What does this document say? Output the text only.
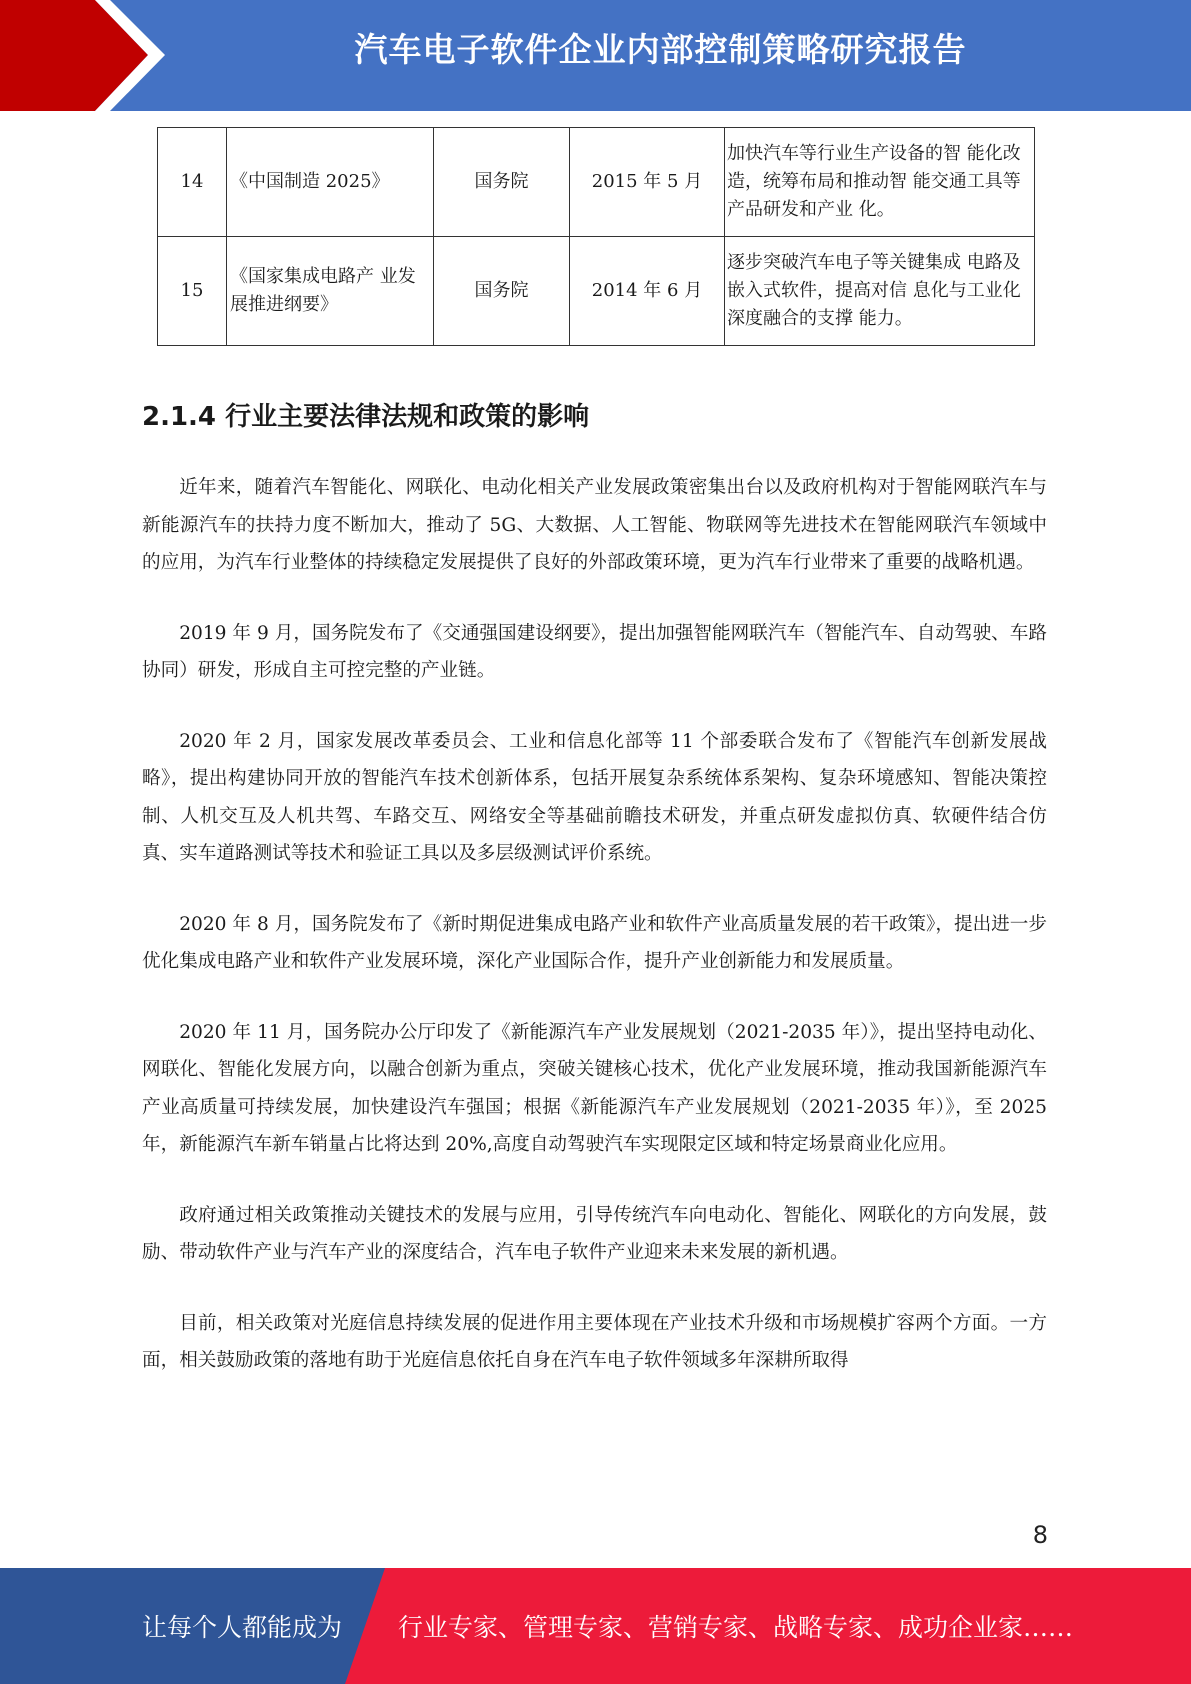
汽车电子软件企业内部控制策略研究报告
14	《中国制造 2025》	国务院	2015 年 5 月	加快汽车等行业生产设备的智 能化改造，统筹布局和推动智 能交通工具等产品研发和产业 化。
15	《国家集成电路产 业发展推进纲要》	国务院	2014 年 6 月	逐步突破汽车电子等关键集成 电路及嵌入式软件，提高对信 息化与工业化深度融合的支撑 能力。
2.1.4 行业主要法律法规和政策的影响

近年来，随着汽车智能化、网联化、电动化相关产业发展政策密集出台以及政府机构对于智能网联汽车与新能源汽车的扶持力度不断加大，推动了 5G、大数据、人工智能、物联网等先进技术在智能网联汽车领域中的应用，为汽车行业整体的持续稳定发展提供了良好的外部政策环境，更为汽车行业带来了重要的战略机遇。

2019 年 9 月，国务院发布了《交通强国建设纲要》，提出加强智能网联汽车（智能汽车、自动驾驶、车路协同）研发，形成自主可控完整的产业链。

2020 年 2 月，国家发展改革委员会、工业和信息化部等 11 个部委联合发布了《智能汽车创新发展战略》，提出构建协同开放的智能汽车技术创新体系，包括开展复杂系统体系架构、复杂环境感知、智能决策控制、人机交互及人机共驾、车路交互、网络安全等基础前瞻技术研发，并重点研发虚拟仿真、软硬件结合仿真、实车道路测试等技术和验证工具以及多层级测试评价系统。

2020 年 8 月，国务院发布了《新时期促进集成电路产业和软件产业高质量发展的若干政策》，提出进一步优化集成电路产业和软件产业发展环境，深化产业国际合作，提升产业创新能力和发展质量。

2020 年 11 月，国务院办公厅印发了《新能源汽车产业发展规划（2021-2035 年）》，提出坚持电动化、网联化、智能化发展方向，以融合创新为重点，突破关键核心技术，优化产业发展环境，推动我国新能源汽车产业高质量可持续发展，加快建设汽车强国；根据《新能源汽车产业发展规划（2021-2035 年）》，至 2025 年，新能源汽车新车销量占比将达到 20%,高度自动驾驶汽车实现限定区域和特定场景商业化应用。

政府通过相关政策推动关键技术的发展与应用，引导传统汽车向电动化、智能化、网联化的方向发展，鼓励、带动软件产业与汽车产业的深度结合，汽车电子软件产业迎来未来发展的新机遇。

目前，相关政策对光庭信息持续发展的促进作用主要体现在产业技术升级和市场规模扩容两个方面。一方面，相关鼓励政策的落地有助于光庭信息依托自身在汽车电子软件领域多年深耕所取得

8
让每个人都能成为 行业专家、管理专家、营销专家、战略专家、成功企业家……
